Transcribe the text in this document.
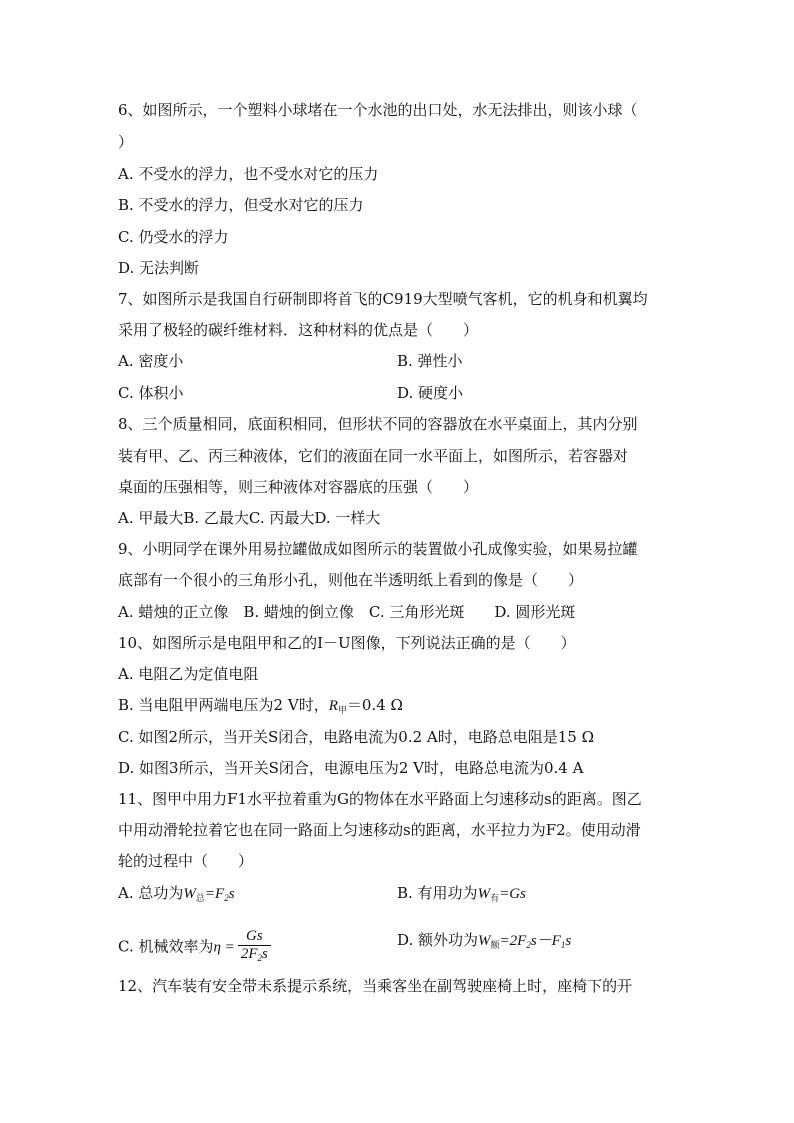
6、如图所示，一个塑料小球堵在一个水池的出口处，水无法排出，则该小球（
）
A. 不受水的浮力，也不受水对它的压力
B. 不受水的浮力，但受水对它的压力
C. 仍受水的浮力
D. 无法判断
7、如图所示是我国自行研制即将首飞的C919大型喷气客机，它的机身和机翼均
采用了极轻的碳纤维材料．这种材料的优点是（　　）
A. 密度小	B. 弹性小
C. 体积小	D. 硬度小
8、三个质量相同，底面积相同，但形状不同的容器放在水平桌面上，其内分别
装有甲、乙、丙三种液体，它们的液面在同一水平面上，如图所示，若容器对
桌面的压强相等，则三种液体对容器底的压强（　　）
A. 甲最大B. 乙最大C. 丙最大D. 一样大
9、小明同学在课外用易拉罐做成如图所示的装置做小孔成像实验，如果易拉罐
底部有一个很小的三角形小孔，则他在半透明纸上看到的像是（　　）
A. 蜡烛的正立像　B. 蜡烛的倒立像　C. 三角形光斑　　D. 圆形光斑
10、如图所示是电阻甲和乙的I－U图像，下列说法正确的是（　　）
A. 电阻乙为定值电阻
B. 当电阻甲两端电压为2 V时，$R_甲=0.4$ Ω
C. 如图2所示，当开关S闭合，电路电流为0.2 A时，电路总电阻是15 Ω
D. 如图3所示，当开关S闭合，电源电压为2 V时，电路总电流为0.4 A
11、图甲中用力F1水平拉着重为G的物体在水平路面上匀速移动s的距离。图乙
中用动滑轮拉着它也在同一路面上匀速移动s的距离，水平拉力为F2。使用动滑
轮的过程中（　　）
A. 总功为$W_总=F_2s$	B. 有用功为$W_有=Gs$
C. 机械效率为$\eta = \frac{Gs}{2F_2s}$	D. 额外功为$W_额=2F_2s-F_1s$
12、汽车装有安全带未系提示系统，当乘客坐在副驾驶座椅上时，座椅下的开
